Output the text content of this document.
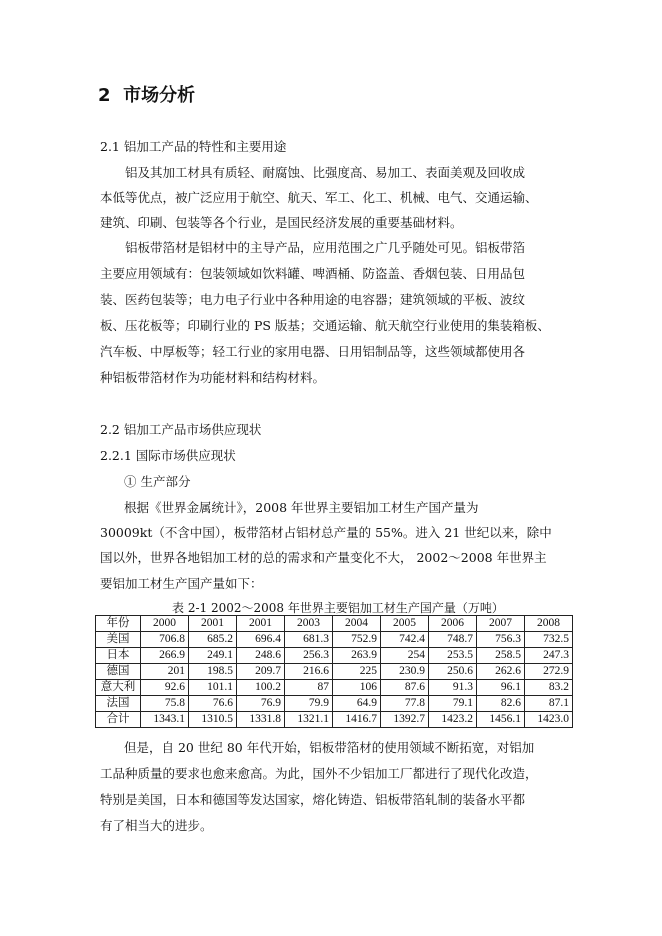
2 市场分析
2.1 铝加工产品的特性和主要用途
铝及其加工材具有质轻、耐腐蚀、比强度高、易加工、表面美观及回收成
本低等优点，被广泛应用于航空、航天、军工、化工、机械、电气、交通运输、
建筑、印刷、包装等各个行业，是国民经济发展的重要基础材料。
铝板带箔材是铝材中的主导产品，应用范围之广几乎随处可见。铝板带箔
主要应用领域有：包装领域如饮料罐、啤酒桶、防盗盖、香烟包装、日用品包
装、医药包装等；电力电子行业中各种用途的电容器；建筑领域的平板、波纹
板、压花板等；印刷行业的 PS 版基；交通运输、航天航空行业使用的集装箱板、
汽车板、中厚板等；轻工行业的家用电器、日用铝制品等，这些领域都使用各
种铝板带箔材作为功能材料和结构材料。
2.2 铝加工产品市场供应现状
2.2.1 国际市场供应现状
① 生产部分
根据《世界金属统计》，2008 年世界主要铝加工材生产国产量为
30009kt（不含中国），板带箔材占铝材总产量的 55%。进入 21 世纪以来，除中
国以外，世界各地铝加工材的总的需求和产量变化不大， 2002～2008 年世界主
要铝加工材生产国产量如下：
表 2-1 2002～2008 年世界主要铝加工材生产国产量（万吨）
年份	2000	2001	2001	2003	2004	2005	2006	2007	2008
美国	706.8	685.2	696.4	681.3	752.9	742.4	748.7	756.3	732.5
日本	266.9	249.1	248.6	256.3	263.9	254	253.5	258.5	247.3
德国	201	198.5	209.7	216.6	225	230.9	250.6	262.6	272.9
意大利	92.6	101.1	100.2	87	106	87.6	91.3	96.1	83.2
法国	75.8	76.6	76.9	79.9	64.9	77.8	79.1	82.6	87.1
合计	1343.1	1310.5	1331.8	1321.1	1416.7	1392.7	1423.2	1456.1	1423.0
但是，自 20 世纪 80 年代开始，铝板带箔材的使用领域不断拓宽，对铝加
工品种质量的要求也愈来愈高。为此，国外不少铝加工厂都进行了现代化改造，
特别是美国，日本和德国等发达国家，熔化铸造、铝板带箔轧制的装备水平都
有了相当大的进步。
